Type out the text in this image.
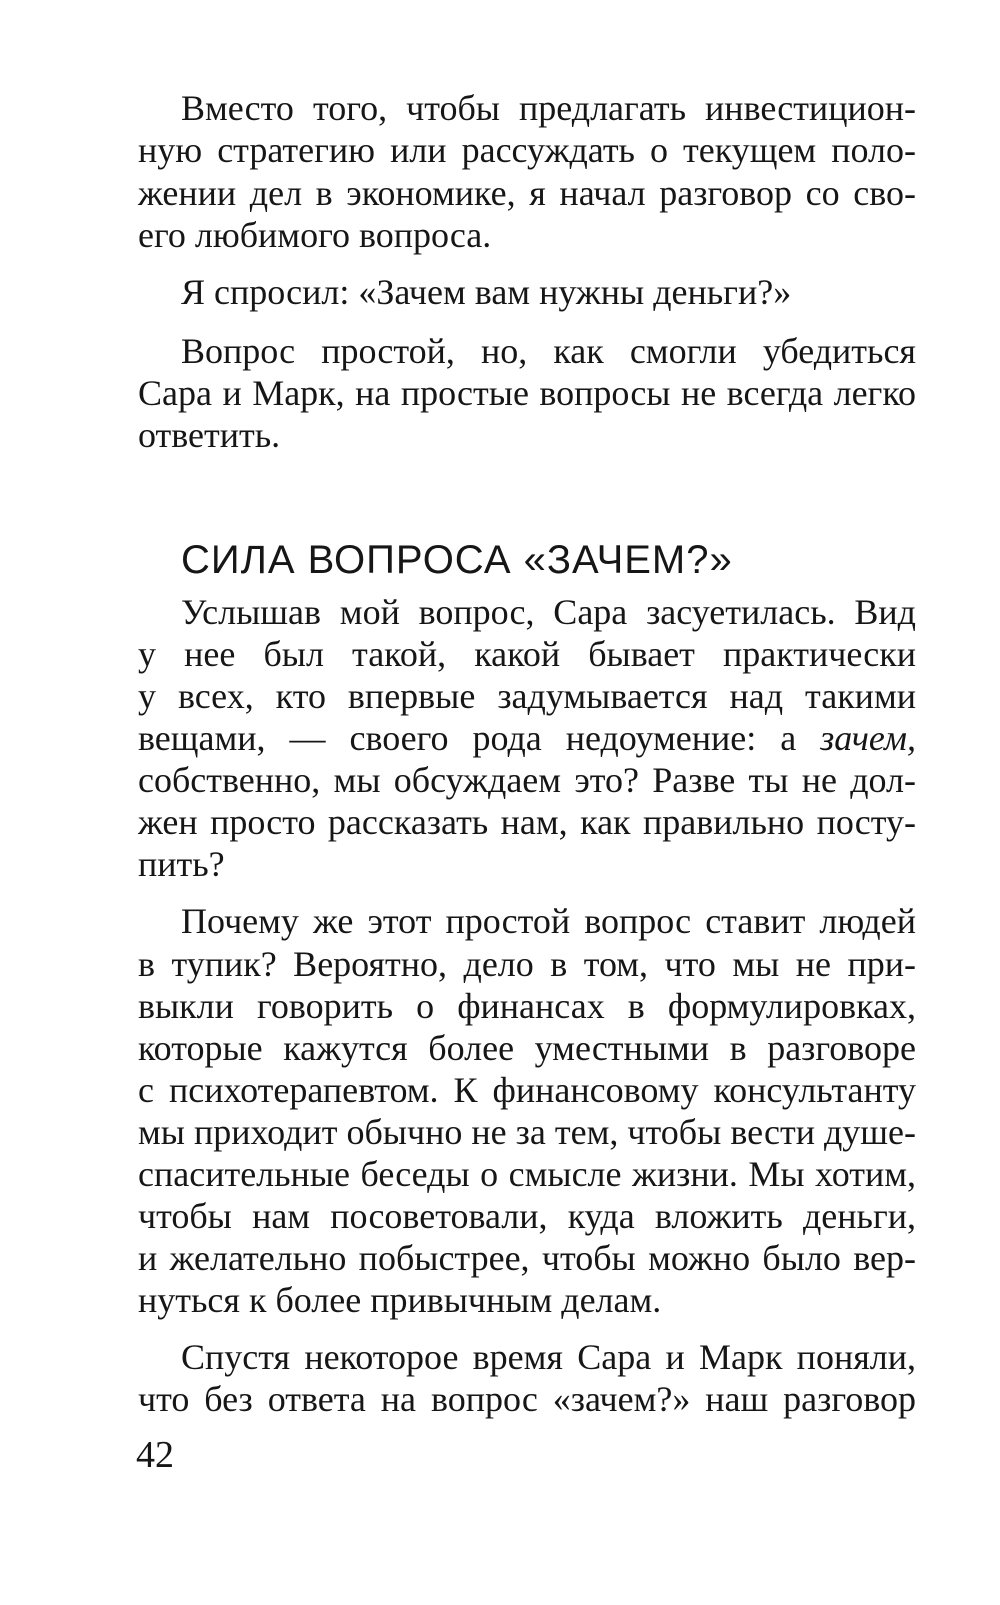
Вместо того, чтобы предлагать инвестицион-
ную стратегию или рассуждать о текущем поло-
жении дел в экономике, я начал разговор со сво-
его любимого вопроса.
Я спросил: «Зачем вам нужны деньги?»
Вопрос простой, но, как смогли убедиться
Сара и Марк, на простые вопросы не всегда легко
ответить.
СИЛА ВОПРОСА «ЗАЧЕМ?»
Услышав мой вопрос, Сара засуетилась. Вид
у нее был такой, какой бывает практически
у всех, кто впервые задумывается над такими
вещами, — своего рода недоумение: а зачем,
собственно, мы обсуждаем это? Разве ты не дол-
жен просто рассказать нам, как правильно посту-
пить?
Почему же этот простой вопрос ставит людей
в тупик? Вероятно, дело в том, что мы не при-
выкли говорить о финансах в формулировках,
которые кажутся более уместными в разговоре
с психотерапевтом. К финансовому консультанту
мы приходит обычно не за тем, чтобы вести душе-
спасительные беседы о смысле жизни. Мы хотим,
чтобы нам посоветовали, куда вложить деньги,
и желательно побыстрее, чтобы можно было вер-
нуться к более привычным делам.
Спустя некоторое время Сара и Марк поняли,
что без ответа на вопрос «зачем?» наш разговор
42
